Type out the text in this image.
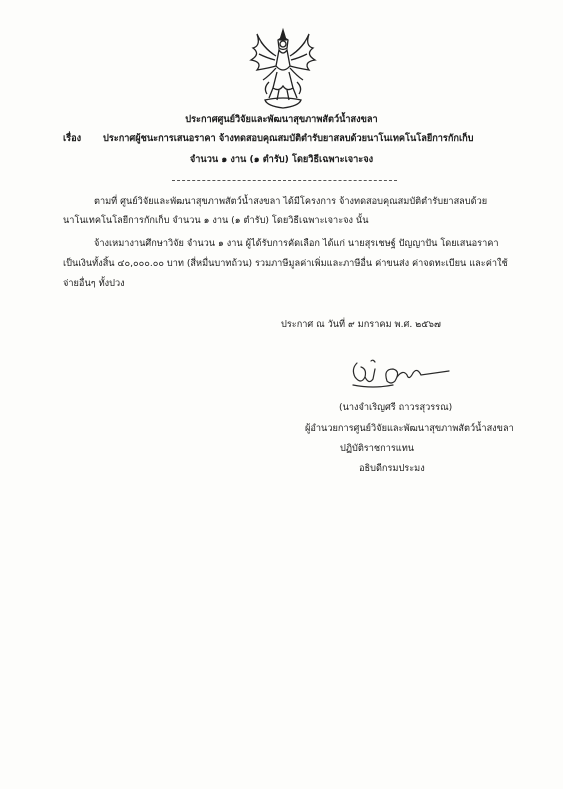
ประกาศศูนย์วิจัยและพัฒนาสุขภาพสัตว์น้ำสงขลา
เรื่อง ประกาศผู้ชนะการเสนอราคา จ้างทดสอบคุณสมบัติตำรับยาสลบด้วยนาโนเทคโนโลยีการกักเก็บ
จำนวน ๑ งาน (๑ ตำรับ) โดยวิธีเฉพาะเจาะจง
ตามที่ ศูนย์วิจัยและพัฒนาสุขภาพสัตว์น้ำสงขลา ได้มีโครงการ จ้างทดสอบคุณสมบัติตำรับยาสลบด้วย
นาโนเทคโนโลยีการกักเก็บ จำนวน ๑ งาน (๑ ตำรับ) โดยวิธีเฉพาะเจาะจง นั้น
จ้างเหมางานศึกษาวิจัย จำนวน ๑ งาน ผู้ได้รับการคัดเลือก ได้แก่ นายสุรเชษฐ์ ปัญญาปัน โดยเสนอราคา
เป็นเงินทั้งสิ้น ๔๐,๐๐๐.๐๐ บาท (สี่หมื่นบาทถ้วน) รวมภาษีมูลค่าเพิ่มและภาษีอื่น ค่าขนส่ง ค่าจดทะเบียน และค่าใช้
จ่ายอื่นๆ ทั้งปวง
ประกาศ ณ วันที่ ๙ มกราคม พ.ศ. ๒๕๖๗
(นางจำเริญศรี ถาวรสุวรรณ)
ผู้อำนวยการศูนย์วิจัยและพัฒนาสุขภาพสัตว์น้ำสงขลา
ปฏิบัติราชการแทน
อธิบดีกรมประมง
